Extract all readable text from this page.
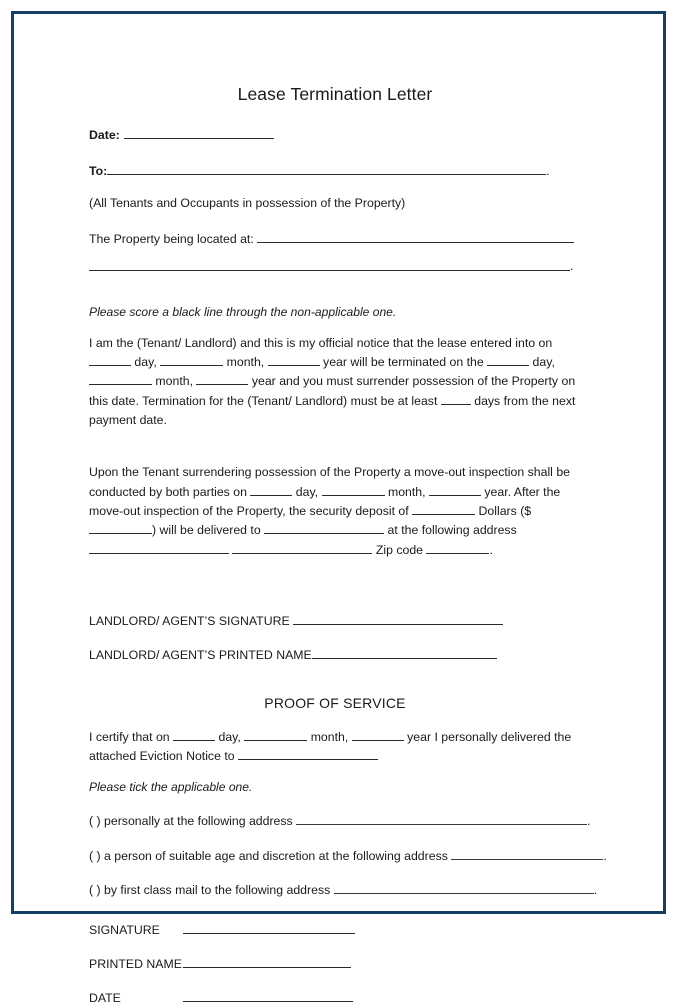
Lease Termination Letter
Date:
To:	.
(All Tenants and Occupants in possession of the Property)
The Property being located at:
.
Please score a black line through the non-applicable one.
I am the (Tenant/ Landlord) and this is my official notice that the lease entered into on  day,	month,	year will be terminated on the	day,  month,	year and you must surrender possession of the Property on this date. Termination for the (Tenant/ Landlord) must be at least	days from the next payment date.
Upon the Tenant surrendering possession of the Property a move-out inspection shall be conducted by both parties on	day,	month,	year. After the move-out inspection of the Property, the security deposit of	Dollars ($) will be delivered to	at the following address   Zip code	.
LANDLORD/ AGENT’S SIGNATURE
LANDLORD/ AGENT’S PRINTED NAME
PROOF OF SERVICE
I certify that on	day,	month,	year I personally delivered the attached Eviction Notice to
Please tick the applicable one.
( ) personally at the following address	.
( ) a person of suitable age and discretion at the following address	.
( ) by first class mail to the following address	.
SIGNATURE
PRINTED NAME
DATE
